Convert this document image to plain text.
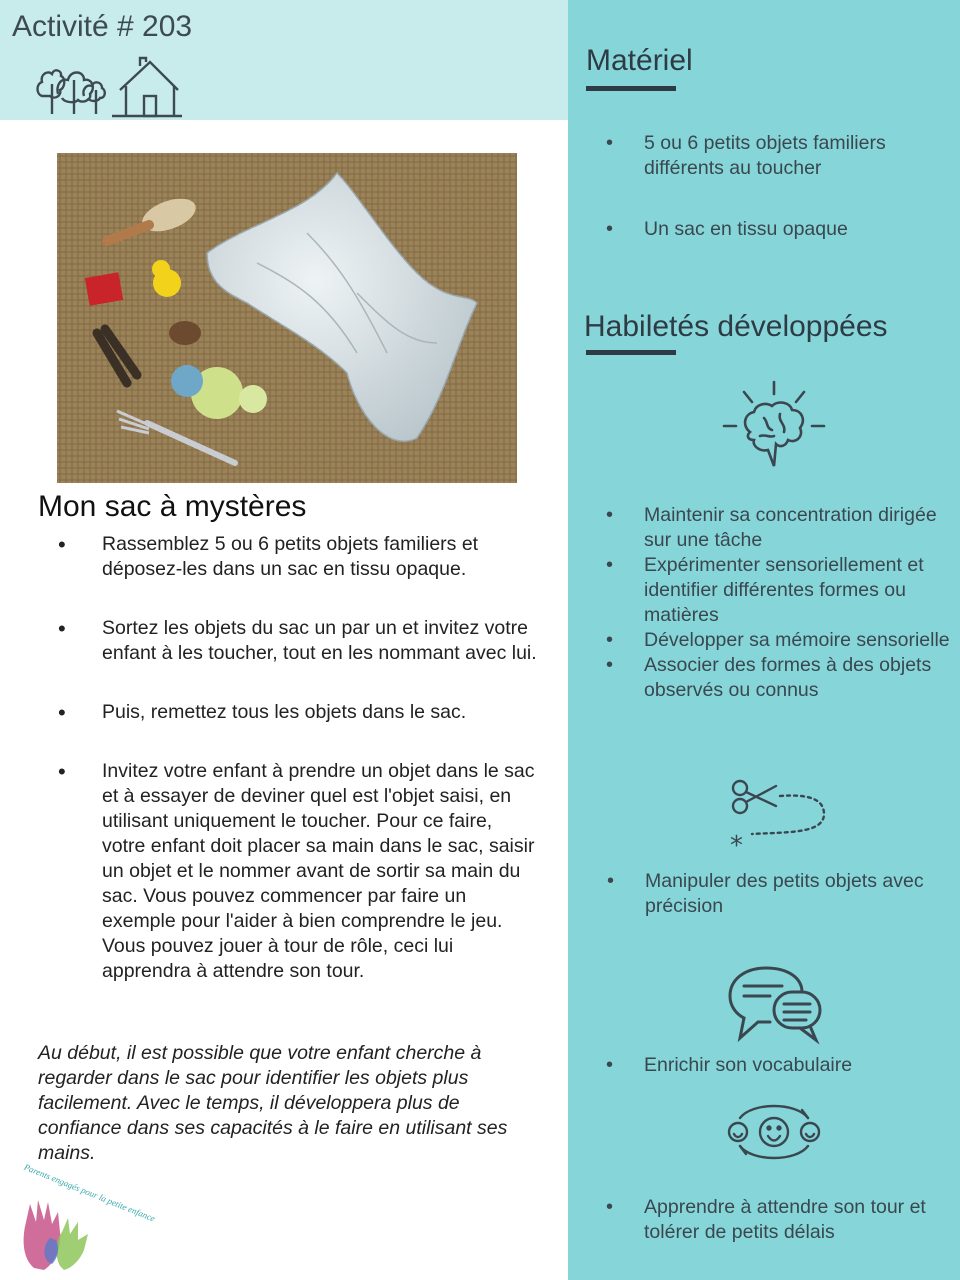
Activité # 203
Mon sac à mystères
• Rassemblez 5 ou 6 petits objets familiers et déposez-les dans un sac en tissu opaque.
• Sortez les objets du sac un par un et invitez votre enfant à les toucher, tout en les nommant avec lui.
• Puis, remettez tous les objets dans le sac.
• Invitez votre enfant à prendre un objet dans le sac et à essayer de deviner quel est l'objet saisi, en utilisant uniquement le toucher. Pour ce faire, votre enfant doit placer sa main dans le sac, saisir un objet et le nommer avant de sortir sa main du sac. Vous pouvez commencer par faire un exemple pour l'aider à bien comprendre le jeu. Vous pouvez jouer à tour de rôle, ceci lui apprendra à attendre son tour.
Au début, il est possible que votre enfant cherche à regarder dans le sac pour identifier les objets plus facilement. Avec le temps, il développera plus de confiance dans ses capacités à le faire en utilisant ses mains.
Parents engagés pour la petite enfance
Matériel
• 5 ou 6 petits objets familiers différents au toucher
• Un sac en tissu opaque
Habiletés développées
• Maintenir sa concentration dirigée sur une tâche
• Expérimenter sensoriellement et identifier différentes formes ou matières
• Développer sa mémoire sensorielle
• Associer des formes à des objets observés ou connus
*
• Manipuler des petits objets avec précision
• Enrichir son vocabulaire
• Apprendre à attendre son tour et tolérer de petits délais
